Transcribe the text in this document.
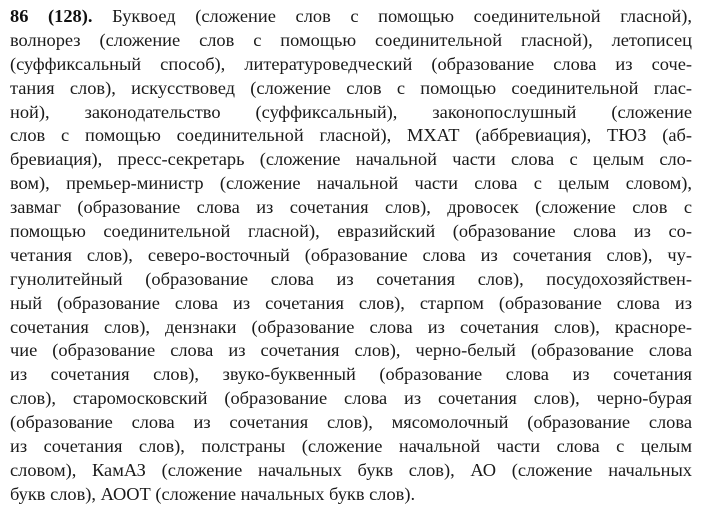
86 (128). Буквоед (сложение слов с помощью соединительной гласной),
волнорез (сложение слов с помощью соединительной гласной), летописец
(суффиксальный способ), литературоведческий (образование слова из соче-
тания слов), искусствовед (сложение слов с помощью соединительной глас-
ной), законодательство (суффиксальный), законопослушный (сложение
слов с помощью соединительной гласной), МХАТ (аббревиация), ТЮЗ (аб-
бревиация), пресс-секретарь (сложение начальной части слова с целым сло-
вом), премьер-министр (сложение начальной части слова с целым словом),
завмаг (образование слова из сочетания слов), дровосек (сложение слов с
помощью соединительной гласной), евразийский (образование слова из со-
четания слов), северо-восточный (образование слова из сочетания слов), чу-
гунолитейный (образование слова из сочетания слов), посудохозяйствен-
ный (образование слова из сочетания слов), старпом (образование слова из
сочетания слов), дензнаки (образование слова из сочетания слов), красноре-
чие (образование слова из сочетания слов), черно-белый (образование слова
из сочетания слов), звуко-буквенный (образование слова из сочетания
слов), старомосковский (образование слова из сочетания слов), черно-бурая
(образование слова из сочетания слов), мясомолочный (образование слова
из сочетания слов), полстраны (сложение начальной части слова с целым
словом), КамАЗ (сложение начальных букв слов), АО (сложение начальных
букв слов), АООТ (сложение начальных букв слов).
